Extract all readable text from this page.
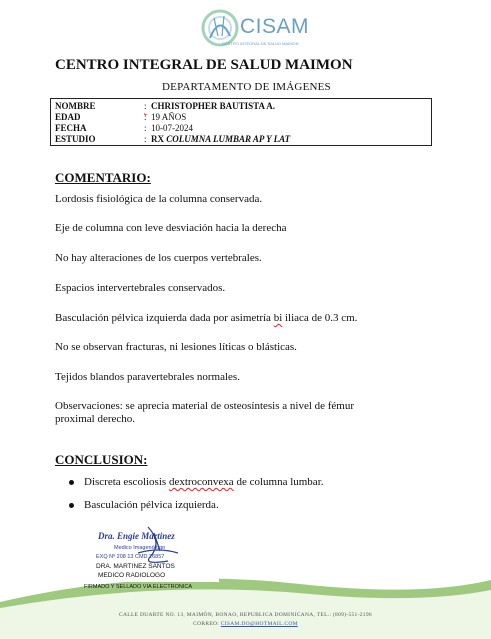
CISAM
CENTRO INTEGRAL DE SALUD MAIMON
CENTRO INTEGRAL DE SALUD MAIMON
DEPARTAMENTO DE IMÁGENES
NOMBRE	: CHRISTOPHER BAUTISTA A.
EDAD	: 19 AÑOS
FECHA	: 10-07-2024
ESTUDIO	: RX COLUMNA LUMBAR AP Y LAT
COMENTARIO:
Lordosis fisiológica de la columna conservada.
Eje de columna con leve desviación hacia la derecha
No hay alteraciones de los cuerpos vertebrales.
Espacios intervertebrales conservados.
Basculación pélvica izquierda dada por asimetría bi iliaca de 0.3 cm.
No se observan fracturas, ni lesiones líticas o blásticas.
Tejidos blandos paravertebrales normales.
Observaciones: se aprecia material de osteosíntesis a nivel de fémur proximal derecho.
CONCLUSION:
Discreta escoliosis dextroconvexa de columna lumbar.
Basculación pélvica izquierda.
Dra. Engie Martinez
Medico Imagenólogo
EXQ Nº 208 13 CMD 26857
DRA. MARTINEZ SANTOS
MEDICO RADIOLOGO
FIRMADO Y SELLADO VIA ELECTRONICA
CALLE DUARTE NO. 13, MAIMÓN, BONAO, REPUBLICA DOMINICANA, TEL.: (809)-551-2196
CORREO: CISAM.DO@HOTMAIL.COM
